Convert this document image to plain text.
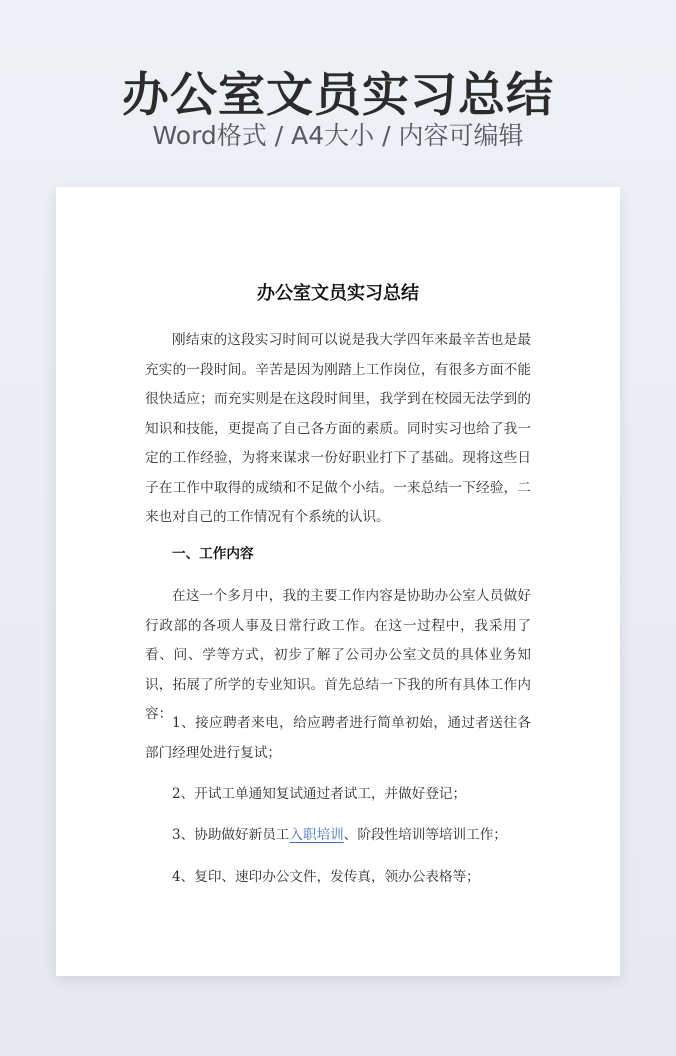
办公室文员实习总结
Word格式 / A4大小 / 内容可编辑
办公室文员实习总结

刚结束的这段实习时间可以说是我大学四年来最辛苦也是最充实的一段时间。辛苦是因为刚踏上工作岗位，有很多方面不能很快适应；而充实则是在这段时间里，我学到在校园无法学到的知识和技能，更提高了自己各方面的素质。同时实习也给了我一定的工作经验，为将来谋求一份好职业打下了基础。现将这些日子在工作中取得的成绩和不足做个小结。一来总结一下经验，二来也对自己的工作情况有个系统的认识。

一、工作内容

在这一个多月中，我的主要工作内容是协助办公室人员做好行政部的各项人事及日常行政工作。在这一过程中，我采用了看、问、学等方式，初步了解了公司办公室文员的具体业务知识，拓展了所学的专业知识。首先总结一下我的所有具体工作内容：

1、接应聘者来电，给应聘者进行简单初始，通过者送往各部门经理处进行复试；

2、开试工单通知复试通过者试工，并做好登记；

3、协助做好新员工入职培训、阶段性培训等培训工作；

4、复印、速印办公文件，发传真，领办公表格等；
